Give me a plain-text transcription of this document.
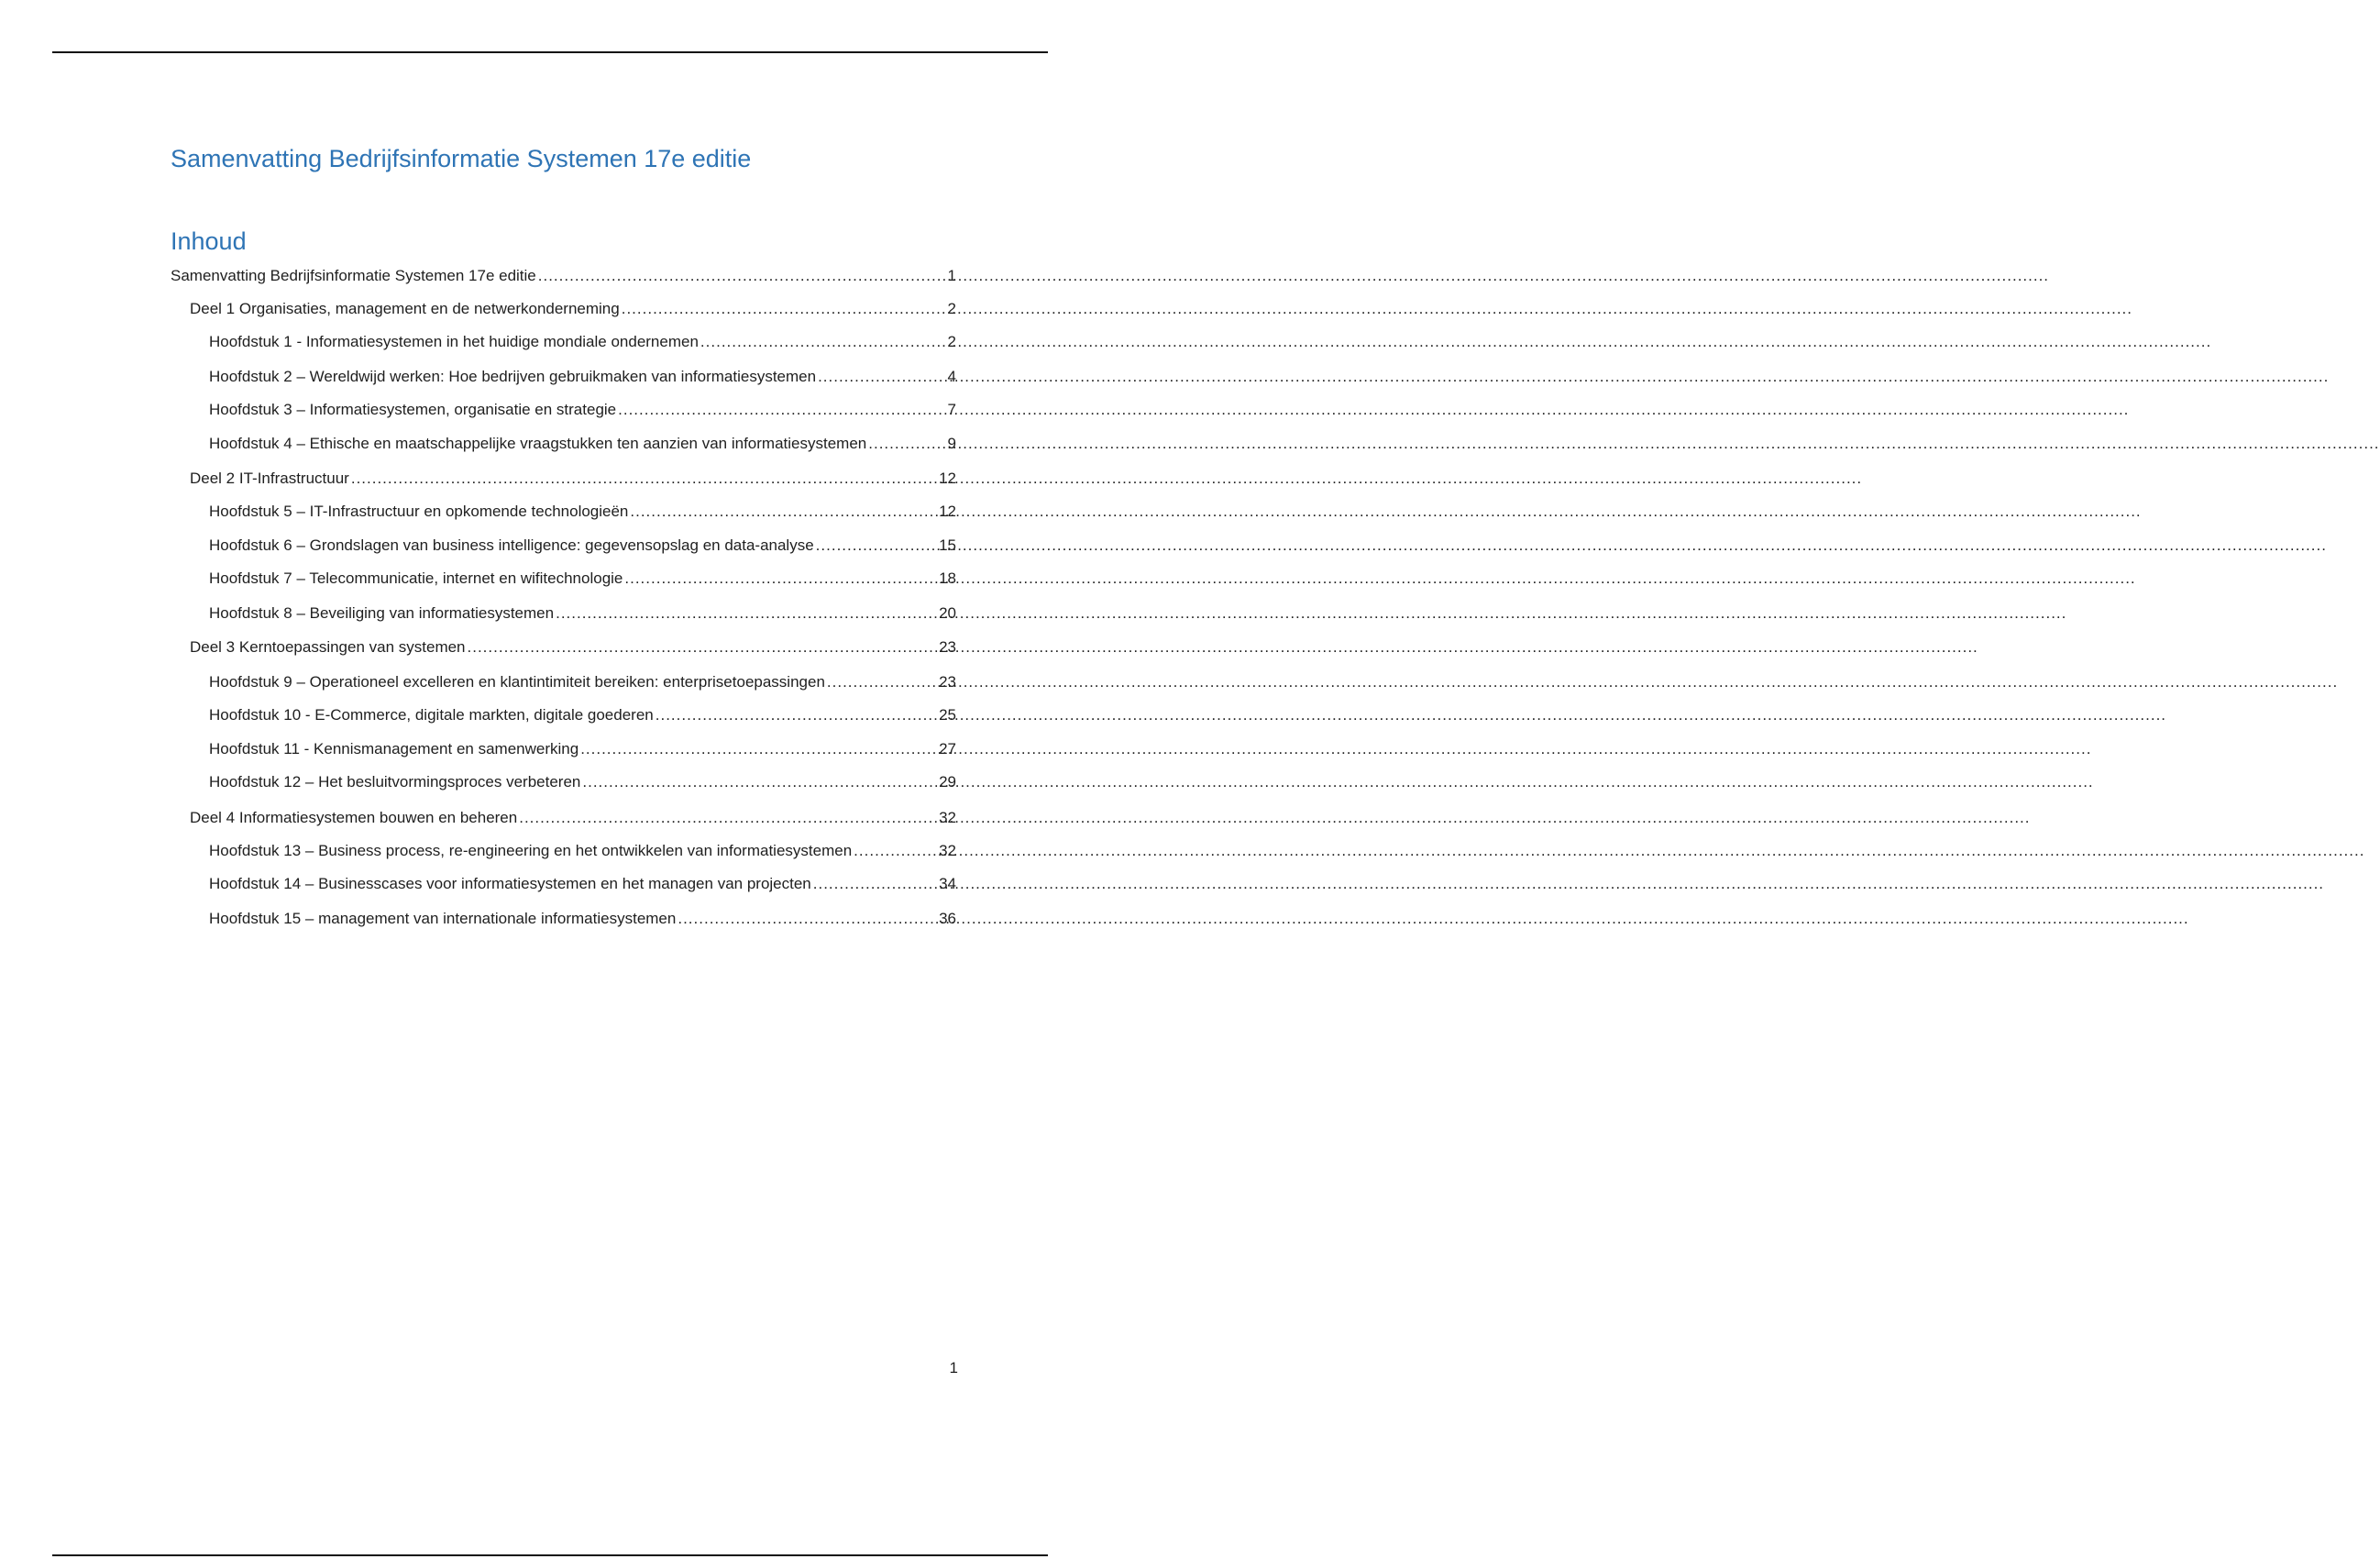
Samenvatting Bedrijfsinformatie Systemen 17e editie
Inhoud
Samenvatting Bedrijfsinformatie Systemen 17e editie .....	1
Deel 1 Organisaties, management en de netwerkonderneming .....	2
Hoofdstuk 1 - Informatiesystemen in het huidige mondiale ondernemen .....	2
Hoofdstuk 2 – Wereldwijd werken: Hoe bedrijven gebruikmaken van informatiesystemen .....	4
Hoofdstuk 3 – Informatiesystemen, organisatie en strategie .....	7
Hoofdstuk 4 – Ethische en maatschappelijke vraagstukken ten aanzien van informatiesystemen .....	9
Deel 2 IT-Infrastructuur .....	12
Hoofdstuk 5 – IT-Infrastructuur en opkomende technologieën .....	12
Hoofdstuk 6 – Grondslagen van business intelligence: gegevensopslag en data-analyse .....	15
Hoofdstuk 7 – Telecommunicatie, internet en wifitechnologie .....	18
Hoofdstuk 8 – Beveiliging van informatiesystemen .....	20
Deel 3 Kerntoepassingen van systemen .....	23
Hoofdstuk 9 – Operationeel excelleren en klantintimiteit bereiken: enterprisetoepassingen .....	23
Hoofdstuk 10 - E-Commerce, digitale markten, digitale goederen .....	25
Hoofdstuk 11 - Kennismanagement en samenwerking .....	27
Hoofdstuk 12 – Het besluitvormingsproces verbeteren .....	29
Deel 4 Informatiesystemen bouwen en beheren .....	32
Hoofdstuk 13 – Business process, re-engineering en het ontwikkelen van informatiesystemen .....	32
Hoofdstuk 14 – Businesscases voor informatiesystemen en het managen van projecten .....	34
Hoofdstuk 15 – management van internationale informatiesystemen .....	36
1
